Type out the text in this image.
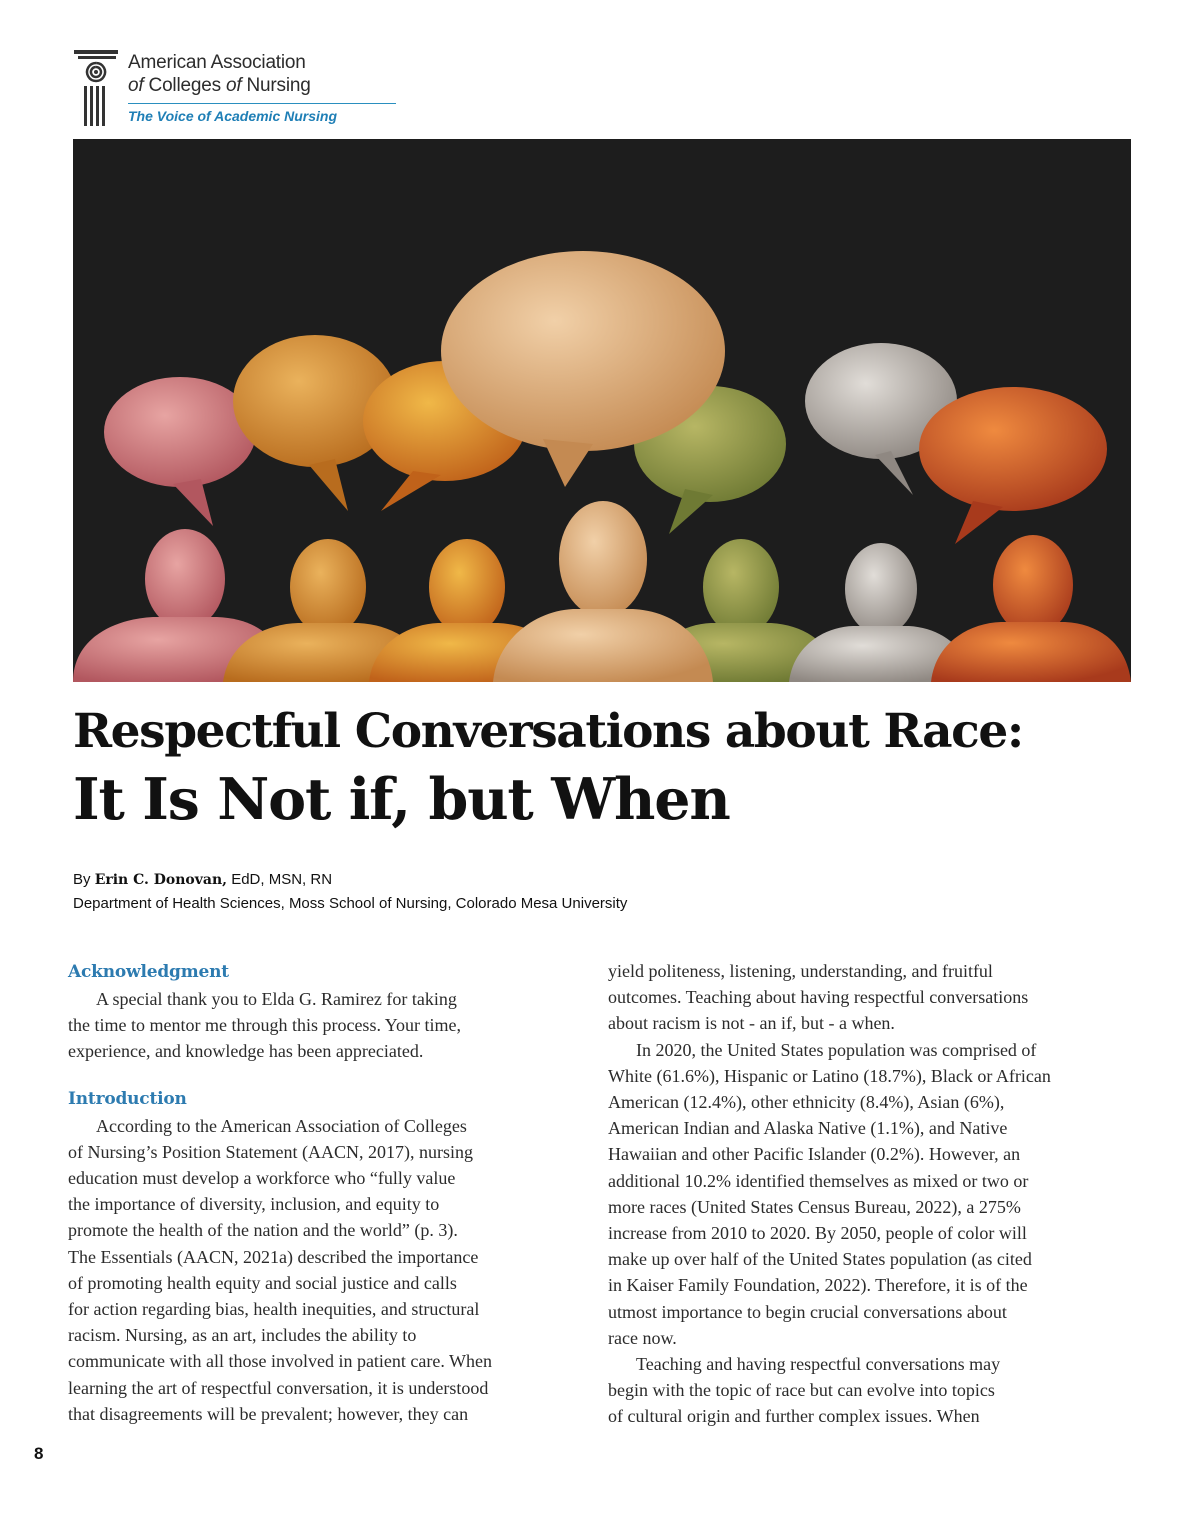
American Association
of Colleges of Nursing
The Voice of Academic Nursing
Respectful Conversations about Race:
It Is Not if, but When
By Erin C. Donovan, EdD, MSN, RN
Department of Health Sciences, Moss School of Nursing, Colorado Mesa University
Acknowledgment
A special thank you to Elda G. Ramirez for taking
the time to mentor me through this process. Your time,
experience, and knowledge has been appreciated.
Introduction
According to the American Association of Colleges
of Nursing’s Position Statement (AACN, 2017), nursing
education must develop a workforce who “fully value
the importance of diversity, inclusion, and equity to
promote the health of the nation and the world” (p. 3).
The Essentials (AACN, 2021a) described the importance
of promoting health equity and social justice and calls
for action regarding bias, health inequities, and structural
racism. Nursing, as an art, includes the ability to
communicate with all those involved in patient care. When
learning the art of respectful conversation, it is understood
that disagreements will be prevalent; however, they can
yield politeness, listening, understanding, and fruitful
outcomes. Teaching about having respectful conversations
about racism is not - an if, but - a when.
In 2020, the United States population was comprised of
White (61.6%), Hispanic or Latino (18.7%), Black or African
American (12.4%), other ethnicity (8.4%), Asian (6%),
American Indian and Alaska Native (1.1%), and Native
Hawaiian and other Pacific Islander (0.2%). However, an
additional 10.2% identified themselves as mixed or two or
more races (United States Census Bureau, 2022), a 275%
increase from 2010 to 2020. By 2050, people of color will
make up over half of the United States population (as cited
in Kaiser Family Foundation, 2022). Therefore, it is of the
utmost importance to begin crucial conversations about
race now.
Teaching and having respectful conversations may
begin with the topic of race but can evolve into topics
of cultural origin and further complex issues. When
8
